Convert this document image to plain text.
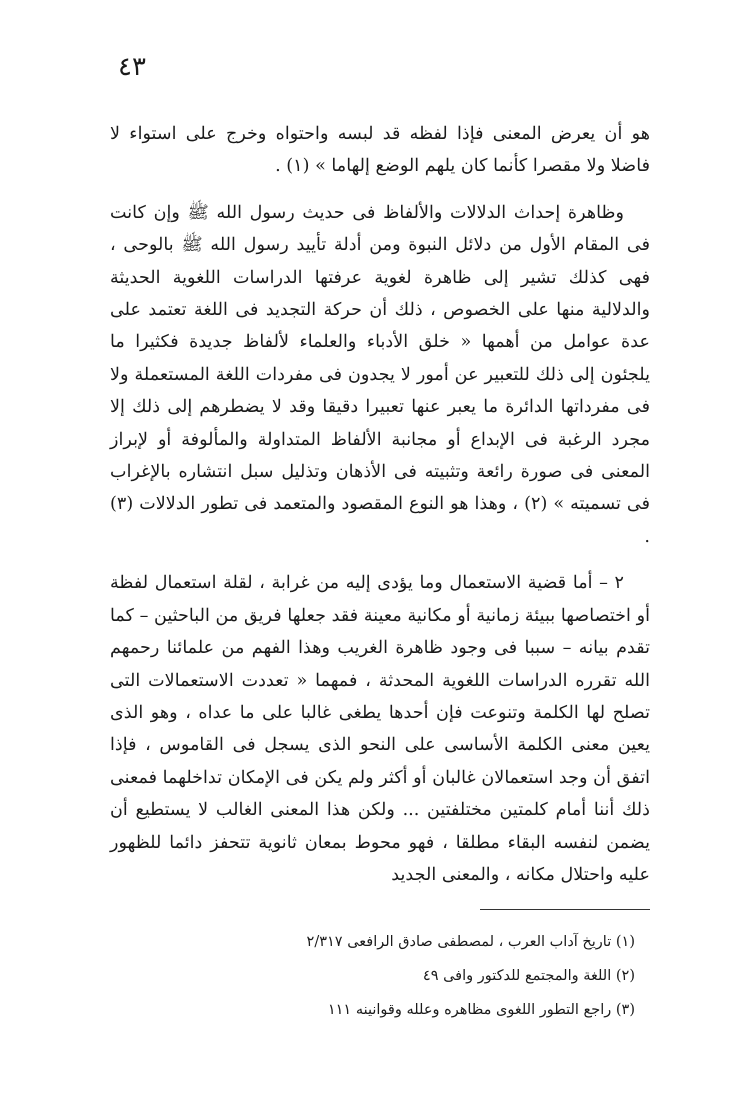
٤٣

هو أن يعرض المعنى فإذا لفظه قد لبسه واحتواه وخرج على استواء لا فاضلا ولا مقصرا كأنما كان يلهم الوضع إلهاما » (١) .

وظاهرة إحداث الدلالات والألفاظ فى حديث رسول الله ﷺ وإن كانت فى المقام الأول من دلائل النبوة ومن أدلة تأييد رسول الله ﷺ بالوحى ، فهى كذلك تشير إلى ظاهرة لغوية عرفتها الدراسات اللغوية الحديثة والدلالية منها على الخصوص ، ذلك أن حركة التجديد فى اللغة تعتمد على عدة عوامل من أهمها « خلق الأدباء والعلماء لألفاظ جديدة فكثيرا ما يلجئون إلى ذلك للتعبير عن أمور لا يجدون فى مفردات اللغة المستعملة ولا فى مفرداتها الدائرة ما يعبر عنها تعبيرا دقيقا وقد لا يضطرهم إلى ذلك إلا مجرد الرغبة فى الإبداع أو مجانبة الألفاظ المتداولة والمألوفة أو لإبراز المعنى فى صورة رائعة وتثبيته فى الأذهان وتذليل سبل انتشاره بالإغراب فى تسميته » (٢) ، وهذا هو النوع المقصود والمتعمد فى تطور الدلالات (٣) .

٢ – أما قضية الاستعمال وما يؤدى إليه من غرابة ، لقلة استعمال لفظة أو اختصاصها ببيئة زمانية أو مكانية معينة فقد جعلها فريق من الباحثين – كما تقدم بيانه – سببا فى وجود ظاهرة الغريب وهذا الفهم من علمائنا رحمهم الله تقرره الدراسات اللغوية المحدثة ، فمهما « تعددت الاستعمالات التى تصلح لها الكلمة وتنوعت فإن أحدها يطغى غالبا على ما عداه ، وهو الذى يعين معنى الكلمة الأساسى على النحو الذى يسجل فى القاموس ، فإذا اتفق أن وجد استعمالان غالبان أو أكثر ولم يكن فى الإمكان تداخلهما فمعنى ذلك أننا أمام كلمتين مختلفتين ... ولكن هذا المعنى الغالب لا يستطيع أن يضمن لنفسه البقاء مطلقا ، فهو محوط بمعان ثانوية تتحفز دائما للظهور عليه واحتلال مكانه ، والمعنى الجديد

(١) تاريخ آداب العرب ، لمصطفى صادق الرافعى ٢/٣١٧
(٢) اللغة والمجتمع للدكتور وافى ٤٩
(٣) راجع التطور اللغوى مظاهره وعلله وقوانينه ١١١
